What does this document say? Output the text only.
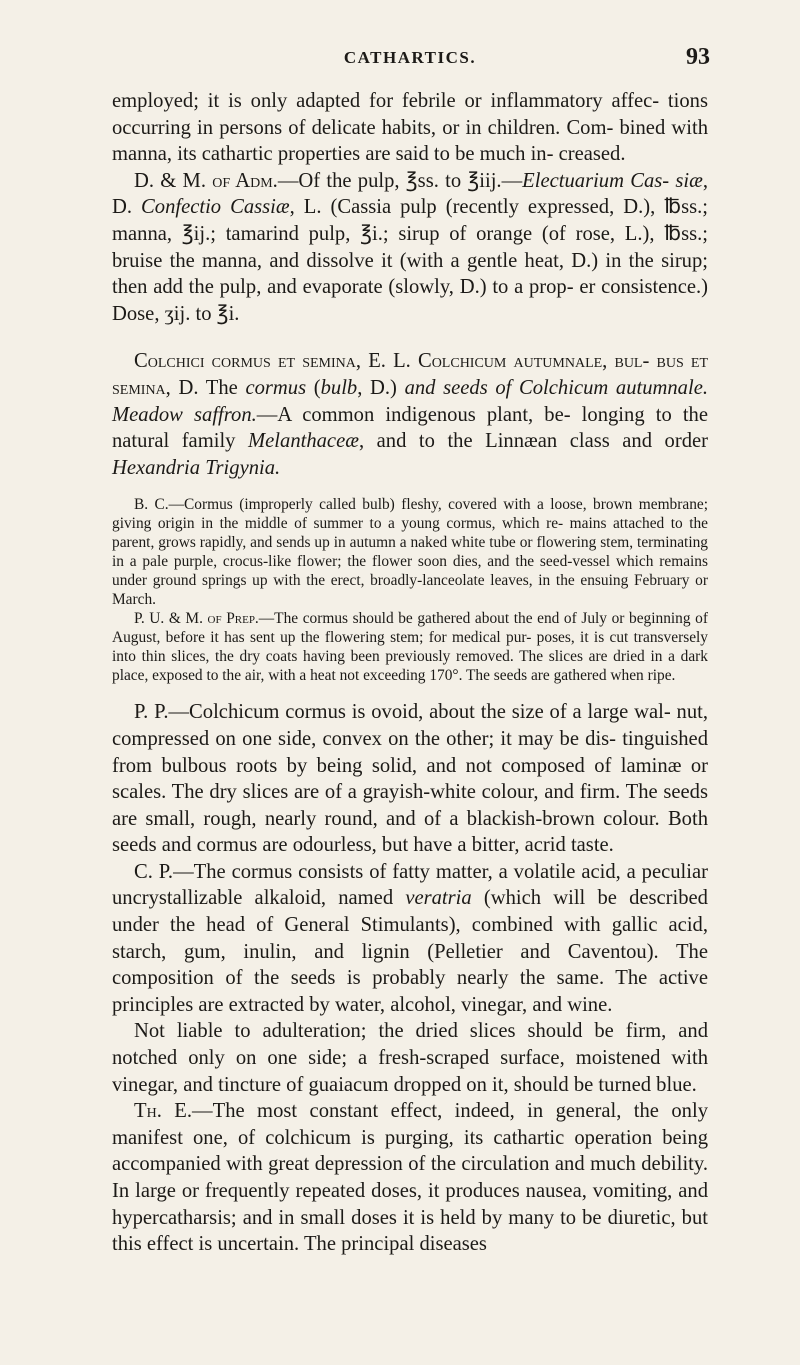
CATHARTICS.	93

employed; it is only adapted for febrile or inflammatory affec- tions occurring in persons of delicate habits, or in children. Com- bined with manna, its cathartic properties are said to be much in- creased.

D. & M. of Adm.—Of the pulp, ℥ss. to ℥iij.—Electuarium Cas- siæ, D. Confectio Cassiæ, L. (Cassia pulp (recently expressed, D.), ℔ss.; manna, ℥ij.; tamarind pulp, ℥i.; sirup of orange (of rose, L.), ℔ss.; bruise the manna, and dissolve it (with a gentle heat, D.) in the sirup; then add the pulp, and evaporate (slowly, D.) to a prop- er consistence.) Dose, ʒij. to ℥i.

Colchici cormus et semina, E. L. Colchicum autumnale, bul- bus et semina, D. The cormus (bulb, D.) and seeds of Colchicum autumnale. Meadow saffron.—A common indigenous plant, be- longing to the natural family Melanthaceæ, and to the Linnæan class and order Hexandria Trigynia.

B. C.—Cormus (improperly called bulb) fleshy, covered with a loose, brown membrane; giving origin in the middle of summer to a young cormus, which re- mains attached to the parent, grows rapidly, and sends up in autumn a naked white tube or flowering stem, terminating in a pale purple, crocus-like flower; the flower soon dies, and the seed-vessel which remains under ground springs up with the erect, broadly-lanceolate leaves, in the ensuing February or March.

P. U. & M. of Prep.—The cormus should be gathered about the end of July or beginning of August, before it has sent up the flowering stem; for medical pur- poses, it is cut transversely into thin slices, the dry coats having been previously removed. The slices are dried in a dark place, exposed to the air, with a heat not exceeding 170°. The seeds are gathered when ripe.

P. P.—Colchicum cormus is ovoid, about the size of a large wal- nut, compressed on one side, convex on the other; it may be dis- tinguished from bulbous roots by being solid, and not composed of laminæ or scales. The dry slices are of a grayish-white colour, and firm. The seeds are small, rough, nearly round, and of a blackish-brown colour. Both seeds and cormus are odourless, but have a bitter, acrid taste.

C. P.—The cormus consists of fatty matter, a volatile acid, a peculiar uncrystallizable alkaloid, named veratria (which will be described under the head of General Stimulants), combined with gallic acid, starch, gum, inulin, and lignin (Pelletier and Caventou). The composition of the seeds is probably nearly the same. The active principles are extracted by water, alcohol, vinegar, and wine.

Not liable to adulteration; the dried slices should be firm, and notched only on one side; a fresh-scraped surface, moistened with vinegar, and tincture of guaiacum dropped on it, should be turned blue.

Th. E.—The most constant effect, indeed, in general, the only manifest one, of colchicum is purging, its cathartic operation being accompanied with great depression of the circulation and much debility. In large or frequently repeated doses, it produces nausea, vomiting, and hypercatharsis; and in small doses it is held by many to be diuretic, but this effect is uncertain. The principal diseases
